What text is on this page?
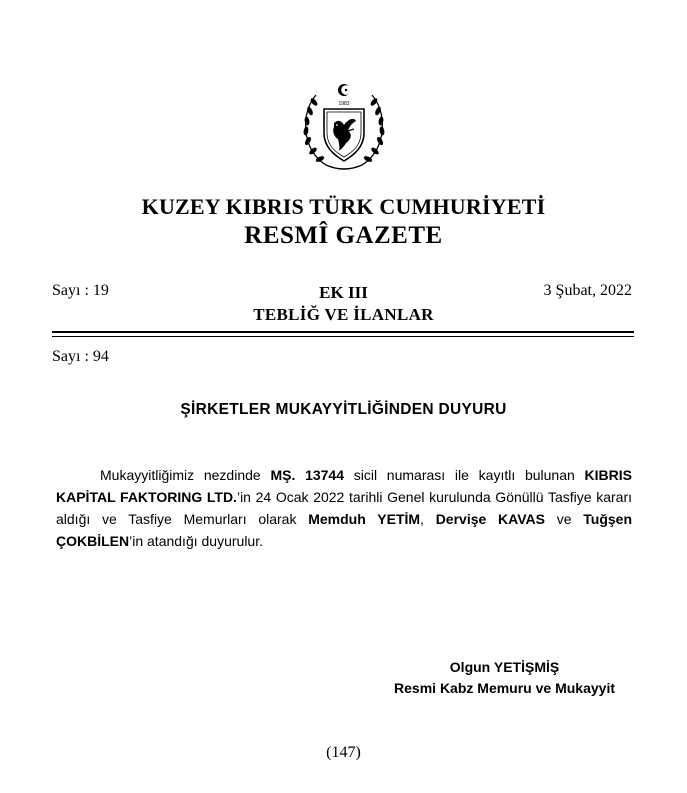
1983
KUZEY KIBRIS TÜRK CUMHURİYETİ
RESMÎ GAZETE
Sayı : 19	EK III	3 Şubat, 2022
TEBLİĞ VE İLANLAR
Sayı : 94
ŞİRKETLER MUKAYYİTLİĞİNDEN DUYURU
Mukayyitliğimiz nezdinde MŞ. 13744 sicil numarası ile kayıtlı bulunan KIBRIS KAPİTAL FAKTORING LTD.’in 24 Ocak 2022 tarihli Genel kurulunda Gönüllü Tasfiye kararı aldığı ve Tasfiye Memurları olarak Memduh YETİM, Dervişe KAVAS ve Tuğşen ÇOKBİLEN’in atandığı duyurulur.
Olgun YETİŞMİŞ
Resmi Kabz Memuru ve Mukayyit
(147)
